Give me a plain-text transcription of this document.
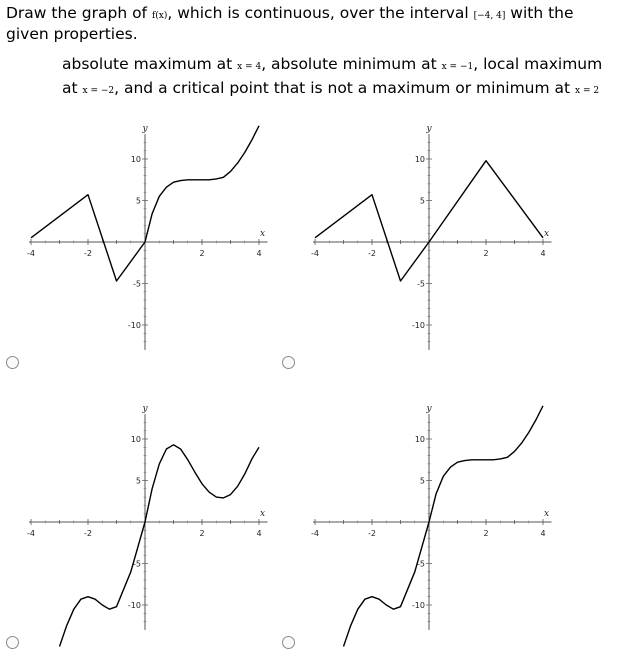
Draw the graph of f(x), which is continuous, over the interval [−4, 4] with the
given properties.
absolute maximum at x = 4, absolute minimum at x = −1, local maximum
at x = −2, and a critical point that is not a maximum or minimum at x = 2
-4	-2	2	4
10
5
-5
-10
x
y
-4	-2	2	4
10
5
-5
-10
x
y
-4	-2	2	4
10
5
-5
-10
x
y
-4	-2	2	4
10
5
-5
-10
x
y
